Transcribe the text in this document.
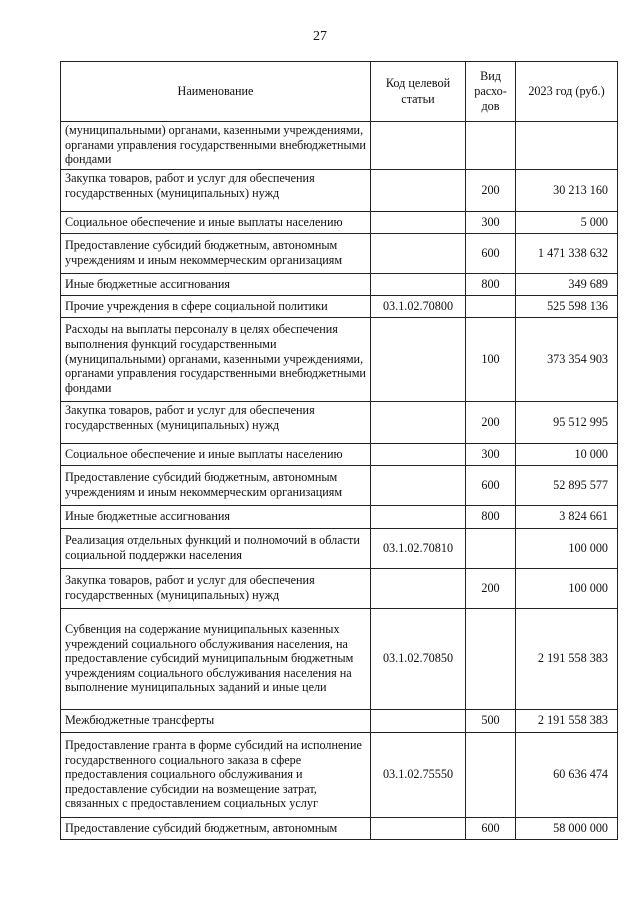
27
Наименование	Код целевой статьи	Вид расхо-дов	2023 год (руб.)
(муниципальными) органами, казенными учреждениями, органами управления государственными внебюджетными фондами			
Закупка товаров, работ и услуг для обеспечения государственных (муниципальных) нужд		200	30 213 160
Социальное обеспечение и иные выплаты населению		300	5 000
Предоставление субсидий бюджетным, автономным учреждениям и иным некоммерческим организациям		600	1 471 338 632
Иные бюджетные ассигнования		800	349 689
Прочие учреждения в сфере социальной политики	03.1.02.70800		525 598 136
Расходы на выплаты персоналу в целях обеспечения выполнения функций государственными (муниципальными) органами, казенными учреждениями, органами управления государственными внебюджетными фондами		100	373 354 903
Закупка товаров, работ и услуг для обеспечения государственных (муниципальных) нужд		200	95 512 995
Социальное обеспечение и иные выплаты населению		300	10 000
Предоставление субсидий бюджетным, автономным учреждениям и иным некоммерческим организациям		600	52 895 577
Иные бюджетные ассигнования		800	3 824 661
Реализация отдельных функций и полномочий в области социальной поддержки населения	03.1.02.70810		100 000
Закупка товаров, работ и услуг для обеспечения государственных (муниципальных) нужд		200	100 000
Субвенция на содержание муниципальных казенных учреждений социального обслуживания населения, на предоставление субсидий муниципальным бюджетным учреждениям социального обслуживания населения на выполнение муниципальных заданий и иные цели	03.1.02.70850		2 191 558 383
Межбюджетные трансферты		500	2 191 558 383
Предоставление гранта в форме субсидий на исполнение государственного социального заказа в сфере предоставления социального обслуживания и предоставление субсидии на возмещение затрат, связанных с предоставлением социальных услуг	03.1.02.75550		60 636 474
Предоставление субсидий бюджетным, автономным		600	58 000 000
